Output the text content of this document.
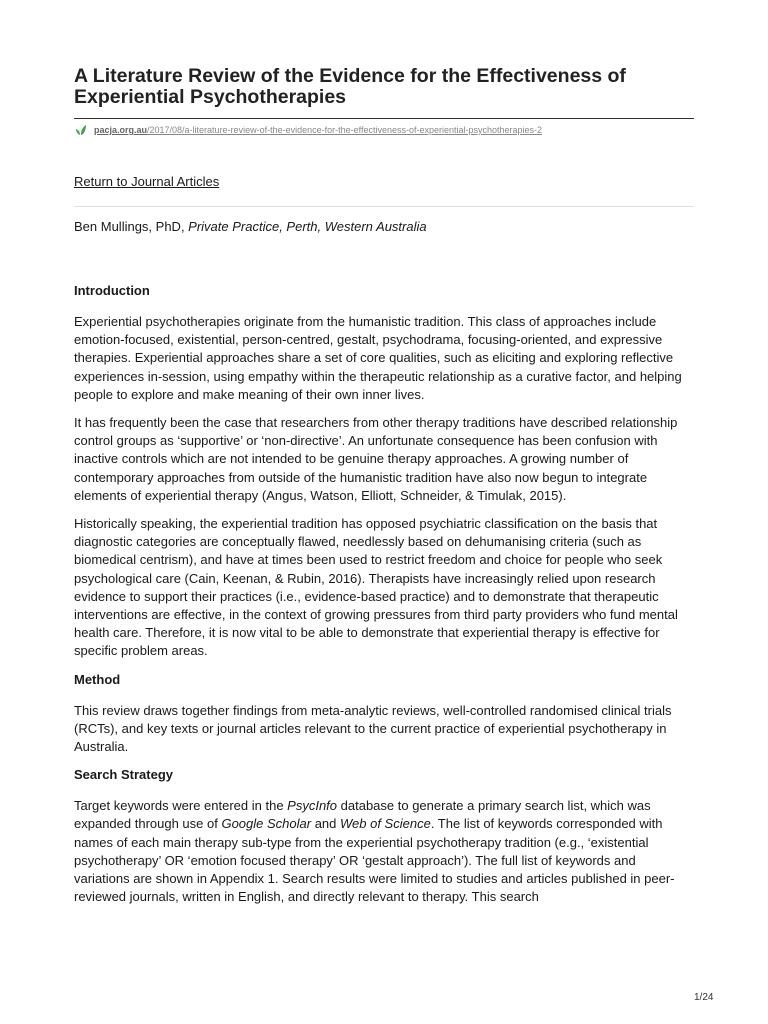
A Literature Review of the Evidence for the Effectiveness of Experiential Psychotherapies
pacja.org.au /2017/08/a-literature-review-of-the-evidence-for-the-effectiveness-of-experiential-psychotherapies-2
Return to Journal Articles
Ben Mullings, PhD, Private Practice, Perth, Western Australia
Introduction

Experiential psychotherapies originate from the humanistic tradition. This class of approaches include emotion-focused, existential, person-centred, gestalt, psychodrama, focusing-oriented, and expressive therapies. Experiential approaches share a set of core qualities, such as eliciting and exploring reflective experiences in-session, using empathy within the therapeutic relationship as a curative factor, and helping people to explore and make meaning of their own inner lives.

It has frequently been the case that researchers from other therapy traditions have described relationship control groups as ‘supportive’ or ‘non-directive’. An unfortunate consequence has been confusion with inactive controls which are not intended to be genuine therapy approaches. A growing number of contemporary approaches from outside of the humanistic tradition have also now begun to integrate elements of experiential therapy (Angus, Watson, Elliott, Schneider, & Timulak, 2015).

Historically speaking, the experiential tradition has opposed psychiatric classification on the basis that diagnostic categories are conceptually flawed, needlessly based on dehumanising criteria (such as biomedical centrism), and have at times been used to restrict freedom and choice for people who seek psychological care (Cain, Keenan, & Rubin, 2016). Therapists have increasingly relied upon research evidence to support their practices (i.e., evidence-based practice) and to demonstrate that therapeutic interventions are effective, in the context of growing pressures from third party providers who fund mental health care. Therefore, it is now vital to be able to demonstrate that experiential therapy is effective for specific problem areas.

Method

This review draws together findings from meta-analytic reviews, well-controlled randomised clinical trials (RCTs), and key texts or journal articles relevant to the current practice of experiential psychotherapy in Australia.

Search Strategy

Target keywords were entered in the PsycInfo database to generate a primary search list, which was expanded through use of Google Scholar and Web of Science. The list of keywords corresponded with names of each main therapy sub-type from the experiential psychotherapy tradition (e.g., ‘existential psychotherapy’ OR ‘emotion focused therapy’ OR ‘gestalt approach’). The full list of keywords and variations are shown in Appendix 1. Search results were limited to studies and articles published in peer-reviewed journals, written in English, and directly relevant to therapy. This search

1/24
